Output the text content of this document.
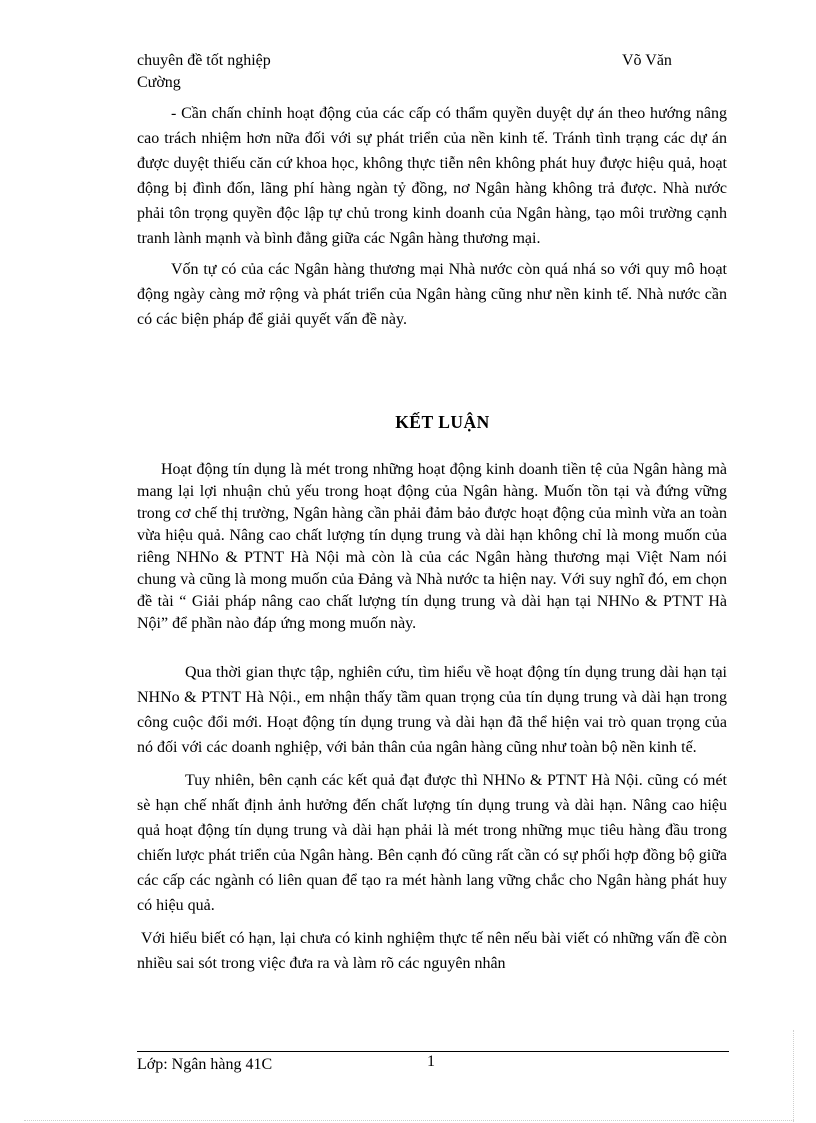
chuyên đề tốt nghiệp	Võ Văn
Cường

- Cần chấn chỉnh hoạt động của các cấp có thẩm quyền duyệt dự án theo hướng nâng cao trách nhiệm hơn nữa đối với sự phát triển của nền kinh tế. Tránh tình trạng các dự án được duyệt thiếu căn cứ khoa học, không thực tiễn nên không phát huy được hiệu quả, hoạt động bị đình đốn, lãng phí hàng ngàn tỷ đồng, nơ Ngân hàng không trả được. Nhà nước phải tôn trọng quyền độc lập tự chủ trong kinh doanh của Ngân hàng, tạo môi trường cạnh tranh lành mạnh và bình đẳng giữa các Ngân hàng thương mại.

Vốn tự có của các Ngân hàng thương mại Nhà nước còn quá nhá so với quy mô hoạt động ngày càng mở rộng và phát triển của Ngân hàng cũng như nền kinh tế. Nhà nước cần có các biện pháp để giải quyết vấn đề này.

KẾT LUẬN

Hoạt động tín dụng là mét trong những hoạt động kinh doanh tiền tệ của Ngân hàng mà mang lại lợi nhuận chủ yếu trong hoạt động của Ngân hàng. Muốn tồn tại và đứng vững trong cơ chế thị trường, Ngân hàng cần phải đảm bảo được hoạt động của mình vừa an toàn vừa hiệu quả. Nâng cao chất lượng tín dụng trung và dài hạn không chỉ là mong muốn của riêng NHNo & PTNT Hà Nội mà còn là của các Ngân hàng thương mại Việt Nam nói chung và cũng là mong muốn của Đảng và Nhà nước ta hiện nay. Với suy nghĩ đó, em chọn đề tài “ Giải pháp nâng cao chất lượng tín dụng trung và dài hạn tại NHNo & PTNT Hà Nội” để phần nào đáp ứng mong muốn này.

Qua thời gian thực tập, nghiên cứu, tìm hiểu về hoạt động tín dụng trung dài hạn tại NHNo & PTNT Hà Nội., em nhận thấy tầm quan trọng của tín dụng trung và dài hạn trong công cuộc đổi mới. Hoạt động tín dụng trung và dài hạn đã thể hiện vai trò quan trọng của nó đối với các doanh nghiệp, với bản thân của ngân hàng cũng như toàn bộ nền kinh tế.

Tuy nhiên, bên cạnh các kết quả đạt được thì NHNo & PTNT Hà Nội. cũng có mét sè hạn chế nhất định ảnh hưởng đến chất lượng tín dụng trung và dài hạn. Nâng cao hiệu quả hoạt động tín dụng trung và dài hạn phải là mét trong những mục tiêu hàng đầu trong chiến lược phát triển của Ngân hàng. Bên cạnh đó cũng rất cần có sự phối hợp đồng bộ giữa các cấp các ngành có liên quan để tạo ra mét hành lang vững chắc cho Ngân hàng phát huy có hiệu quả.

Với hiểu biết có hạn, lại chưa có kinh nghiệm thực tế nên nếu bài viết có những vấn đề còn nhiều sai sót trong việc đưa ra và làm rõ các nguyên nhân

Lớp: Ngân hàng 41C	1
